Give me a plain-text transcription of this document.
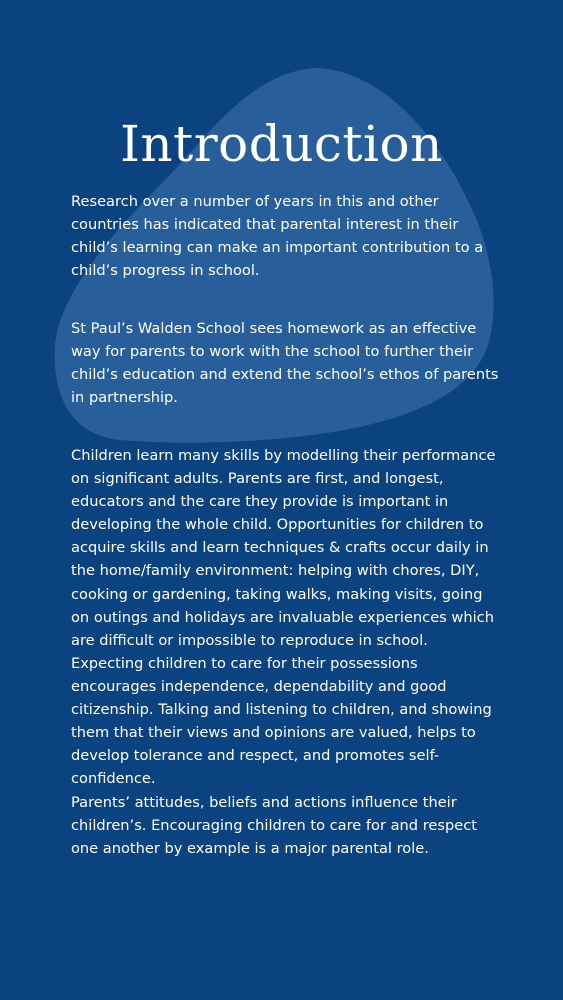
Introduction

Research over a number of years in this and other countries has indicated that parental interest in their child’s learning can make an important contribution to a child’s progress in school.

St Paul’s Walden School sees homework as an effective way for parents to work with the school to further their child’s education and extend the school’s ethos of parents in partnership.

Children learn many skills by modelling their performance on significant adults. Parents are first, and longest, educators and the care they provide is important in developing the whole child. Opportunities for children to acquire skills and learn techniques & crafts occur daily in the home/family environment: helping with chores, DIY, cooking or gardening, taking walks, making visits, going on outings and holidays are invaluable experiences which are difficult or impossible to reproduce in school. Expecting children to care for their possessions encourages independence, dependability and good citizenship. Talking and listening to children, and showing them that their views and opinions are valued, helps to develop tolerance and respect, and promotes self-confidence.

Parents’ attitudes, beliefs and actions influence their children’s. Encouraging children to care for and respect one another by example is a major parental role.
